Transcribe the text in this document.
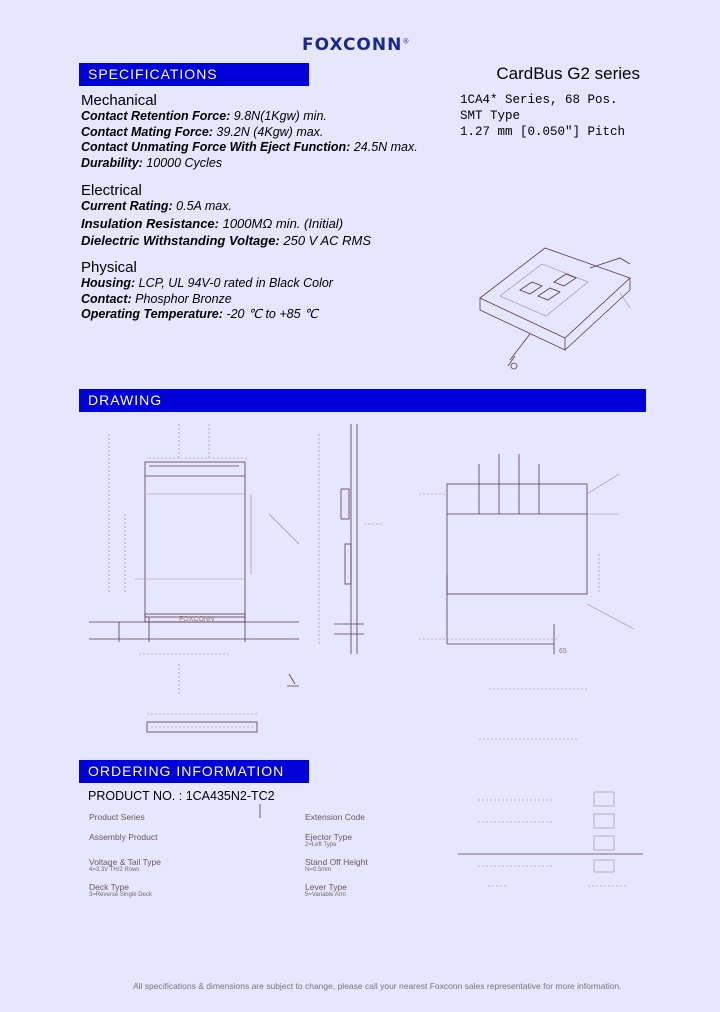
FOXCONN®
SPECIFICATIONS	CardBus G2 series
1CA4* Series, 68 Pos.
SMT Type
1.27 mm [0.050"] Pitch
Mechanical
Contact Retention Force: 9.8N(1Kgw) min.
Contact Mating Force: 39.2N (4Kgw) max.
Contact Unmating Force With Eject Function: 24.5N max.
Durability: 10000 Cycles
Electrical
Current Rating: 0.5A max.
Insulation Resistance: 1000MΩ min. (Initial)
Dielectric Withstanding Voltage: 250 V AC RMS
Physical
Housing: LCP, UL 94V-0 rated in Black Color
Contact: Phosphor Bronze
Operating Temperature: -20 ℃ to +85 ℃
DRAWING
FOXCONN
65
ORDERING INFORMATION
PRODUCT NO. : 1CA435N2-TC2
Product Series
Assembly Product
Voltage & Tail Type
4=3.3V TH/2 Rows
Deck Type
3=Reverse Single Deck
Extension Code
Ejector Type
2=Left Type
Stand Off Height
N=0.5mm
Lever Type
5=Variable Arm
All specifications & dimensions are subject to change, please call your nearest Foxconn sales representative for more information.
